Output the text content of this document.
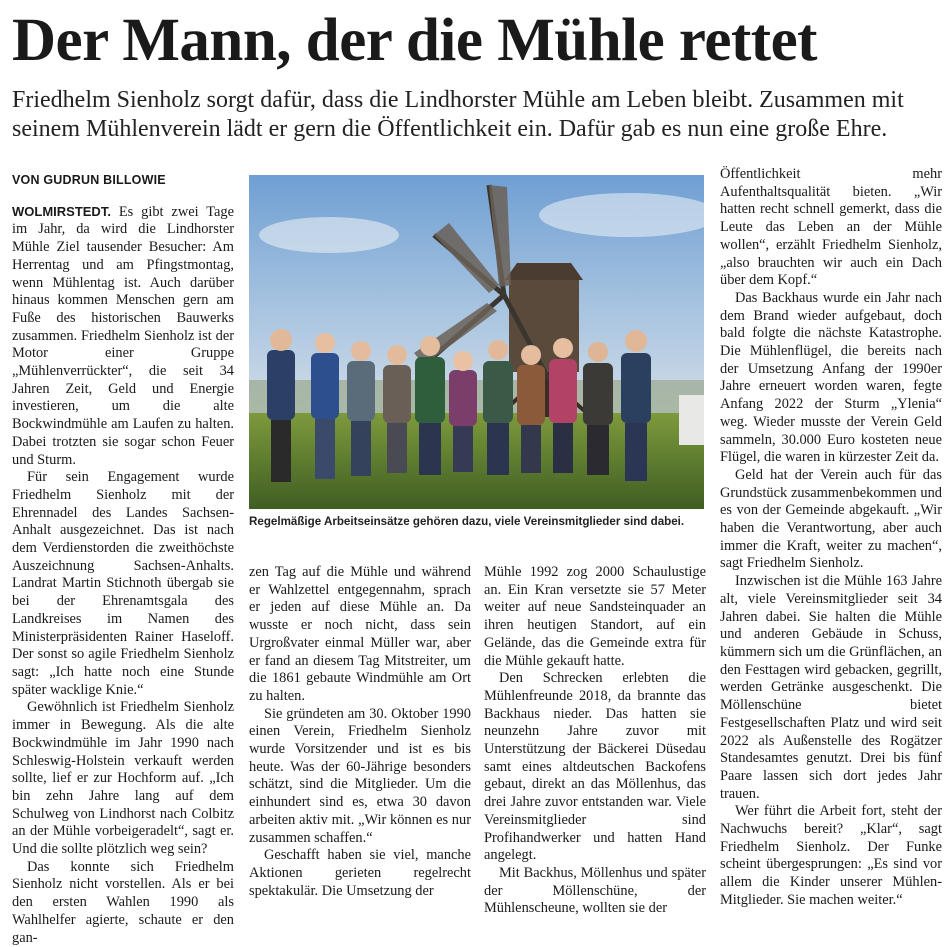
Der Mann, der die Mühle rettet

Friedhelm Sienholz sorgt dafür, dass die Lindhorster Mühle am Leben bleibt. Zusammen mit seinem Mühlenverein lädt er gern die Öffentlichkeit ein. Dafür gab es nun eine große Ehre.

VON GUDRUN BILLOWIE

WOLMIRSTEDT. Es gibt zwei Tage im Jahr, da wird die Lindhorster Mühle Ziel tausender Besucher: Am Herrentag und am Pfingstmontag, wenn Mühlentag ist. Auch darüber hinaus kommen Menschen gern am Fuße des historischen Bauwerks zusammen. Friedhelm Sienholz ist der Motor einer Gruppe „Mühlenverrückter“, die seit 34 Jahren Zeit, Geld und Energie investieren, um die alte Bockwindmühle am Laufen zu halten. Dabei trotzten sie sogar schon Feuer und Sturm.

Für sein Engagement wurde Friedhelm Sienholz mit der Ehrennadel des Landes Sachsen-Anhalt ausgezeichnet. Das ist nach dem Verdienstorden die zweithöchste Auszeichnung Sachsen-Anhalts. Landrat Martin Stichnoth übergab sie bei der Ehrenamtsgala des Landkreises im Namen des Ministerpräsidenten Rainer Haseloff. Der sonst so agile Friedhelm Sienholz sagt: „Ich hatte noch eine Stunde später wacklige Knie.“

Gewöhnlich ist Friedhelm Sienholz immer in Bewegung. Als die alte Bockwindmühle im Jahr 1990 nach Schleswig-Holstein verkauft werden sollte, lief er zur Hochform auf. „Ich bin zehn Jahre lang auf dem Schulweg von Lindhorst nach Colbitz an der Mühle vorbeigeradelt“, sagt er. Und die sollte plötzlich weg sein?

Das konnte sich Friedhelm Sienholz nicht vorstellen. Als er bei den ersten Wahlen 1990 als Wahlhelfer agierte, schaute er den gan-

Regelmäßige Arbeitseinsätze gehören dazu, viele Vereinsmitglieder sind dabei.

zen Tag auf die Mühle und während er Wahlzettel entgegennahm, sprach er jeden auf diese Mühle an. Da wusste er noch nicht, dass sein Urgroßvater einmal Müller war, aber er fand an diesem Tag Mitstreiter, um die 1861 gebaute Windmühle am Ort zu halten.

Sie gründeten am 30. Oktober 1990 einen Verein, Friedhelm Sienholz wurde Vorsitzender und ist es bis heute. Was der 60-Jährige besonders schätzt, sind die Mitglieder. Um die einhundert sind es, etwa 30 davon arbeiten aktiv mit. „Wir können es nur zusammen schaffen.“

Geschafft haben sie viel, manche Aktionen gerieten regelrecht spektakulär. Die Umsetzung der

Mühle 1992 zog 2000 Schaulustige an. Ein Kran versetzte sie 57 Meter weiter auf neue Sandsteinquader an ihren heutigen Standort, auf ein Gelände, das die Gemeinde extra für die Mühle gekauft hatte.

Den Schrecken erlebten die Mühlenfreunde 2018, da brannte das Backhaus nieder. Das hatten sie neunzehn Jahre zuvor mit Unterstützung der Bäckerei Düsedau samt eines altdeutschen Backofens gebaut, direkt an das Möllenhus, das drei Jahre zuvor entstanden war. Viele Vereinsmitglieder sind Profihandwerker und hatten Hand angelegt.

Mit Backhus, Möllenhus und später der Möllenschüne, der Mühlenscheune, wollten sie der

Öffentlichkeit mehr Aufenthaltsqualität bieten. „Wir hatten recht schnell gemerkt, dass die Leute das Leben an der Mühle wollen“, erzählt Friedhelm Sienholz, „also brauchten wir auch ein Dach über dem Kopf.“

Das Backhaus wurde ein Jahr nach dem Brand wieder aufgebaut, doch bald folgte die nächste Katastrophe. Die Mühlenflügel, die bereits nach der Umsetzung Anfang der 1990er Jahre erneuert worden waren, fegte Anfang 2022 der Sturm „Ylenia“ weg. Wieder musste der Verein Geld sammeln, 30.000 Euro kosteten neue Flügel, die waren in kürzester Zeit da.

Geld hat der Verein auch für das Grundstück zusammenbekommen und es von der Gemeinde abgekauft. „Wir haben die Verantwortung, aber auch immer die Kraft, weiter zu machen“, sagt Friedhelm Sienholz.

Inzwischen ist die Mühle 163 Jahre alt, viele Vereinsmitglieder seit 34 Jahren dabei. Sie halten die Mühle und anderen Gebäude in Schuss, kümmern sich um die Grünflächen, an den Festtagen wird gebacken, gegrillt, werden Getränke ausgeschenkt. Die Möllenschüne bietet Festgesellschaften Platz und wird seit 2022 als Außenstelle des Rogätzer Standesamtes genutzt. Drei bis fünf Paare lassen sich dort jedes Jahr trauen.

Wer führt die Arbeit fort, steht der Nachwuchs bereit? „Klar“, sagt Friedhelm Sienholz. Der Funke scheint übergesprungen: „Es sind vor allem die Kinder unserer Mühlen-Mitglieder. Sie machen weiter.“
